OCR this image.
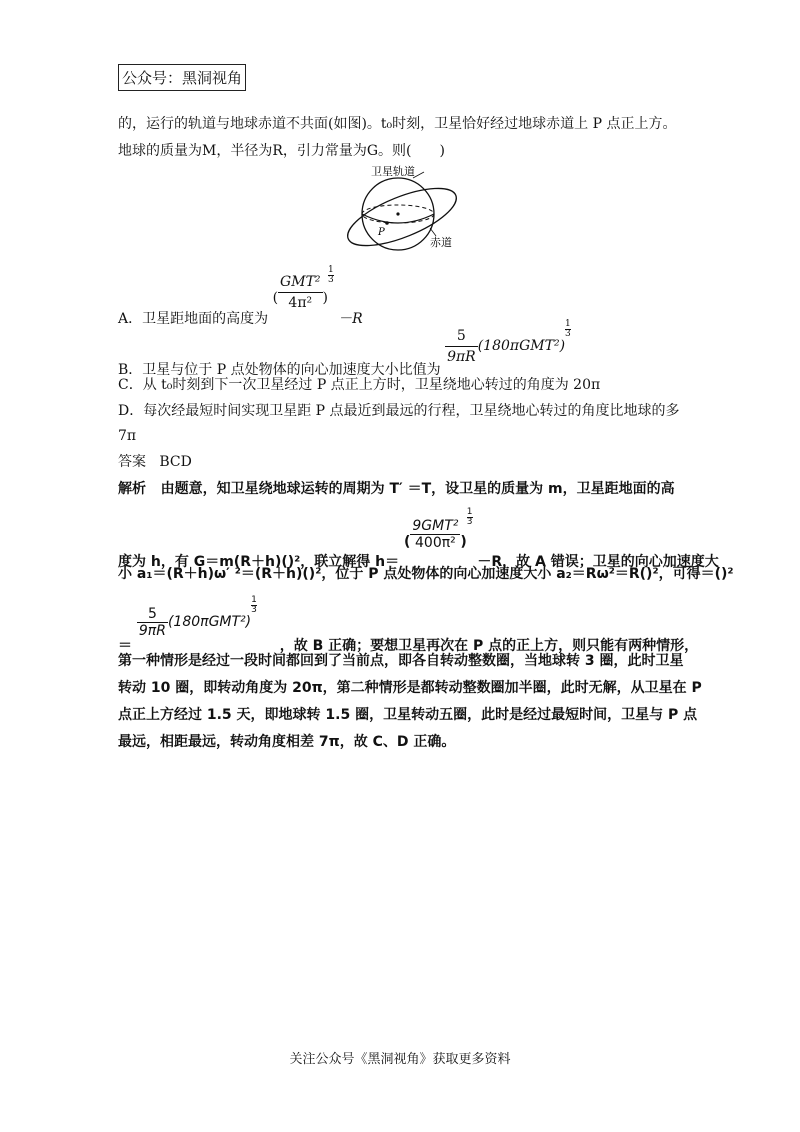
公众号：黑洞视角
的，运行的轨道与地球赤道不共面(如图)。t₀时刻，卫星恰好经过地球赤道上 P 点正上方。
地球的质量为M，半径为R，引力常量为G。则(　　)
卫星轨道
赤道
P
A．卫星距地面的高度为 ( $\frac{\text{GMT²}}{\text{4π²}}$ )
$\frac{1}{3} -R$
B．卫星与位于 P 点处物体的向心加速度大小比值为
$\frac{5}{9\pi R} (180\pi GMT^2)$
$\frac{1}{3}$
C．从 t₀时刻到下一次卫星经过 P 点正上方时，卫星绕地心转过的角度为 20π
D．每次经最短时间实现卫星距 P 点最近到最远的行程，卫星绕地心转过的角度比地球的多
7π
答案 BCD
解析 由题意，知卫星绕地球运转的周期为 T′ ＝T，设卫星的质量为 m，卫星距地面的高
度为 h，有 G＝m(R＋h)()²，联立解得 h＝ ( $\frac{\text{9GMT²}}{\text{400π²}}$ )
$\frac{1}{3} -R$，故 A 错误；卫星的向心加速度大
小 a₁＝(R＋h)ω′ ²＝(R＋h)()²，位于 P 点处物体的向心加速度大小 a₂＝Rω²＝R()²，可得＝()²
＝
$\frac{5}{9\pi R} (180\pi GMT^2)$
$\frac{1}{3}$ ，故 B 正确；要想卫星再次在 P 点的正上方，则只能有两种情形，
第一种情形是经过一段时间都回到了当前点，即各自转动整数圈，当地球转 3 圈，此时卫星
转动 10 圈，即转动角度为 20π，第二种情形是都转动整数圈加半圈，此时无解，从卫星在 P
点正上方经过 1.5 天，即地球转 1.5 圈，卫星转动五圈，此时是经过最短时间，卫星与 P 点
最远，相距最远，转动角度相差 7π，故 C、D 正确。
关注公众号《黑洞视角》获取更多资料
